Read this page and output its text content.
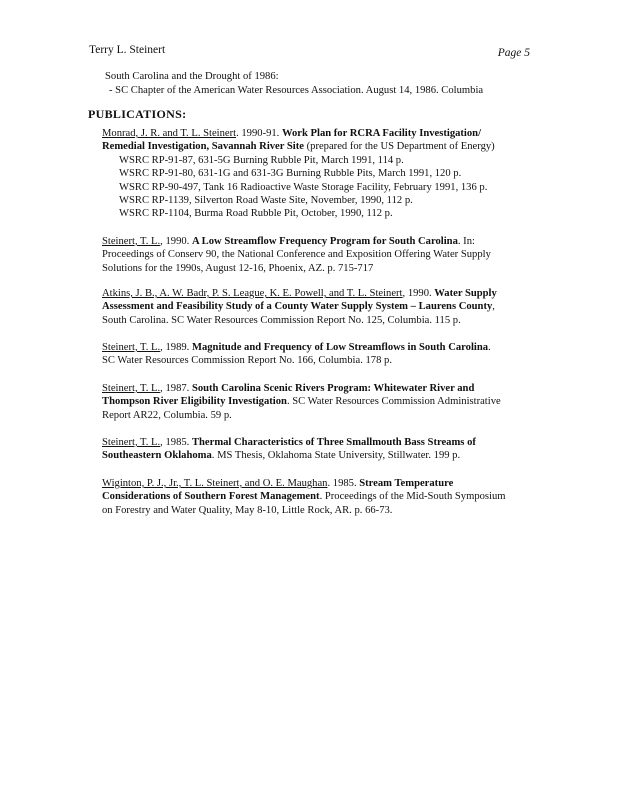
Terry L. Steinert	Page 5
South Carolina and the Drought of 1986:
- SC Chapter of the American Water Resources Association. August 14, 1986. Columbia
PUBLICATIONS:

Monrad, J. R. and T. L. Steinert. 1990-91. Work Plan for RCRA Facility Investigation/

Remedial Investigation, Savannah River Site (prepared for the US Department of Energy)

WSRC RP-91-87, 631-5G Burning Rubble Pit, March 1991, 114 p.

WSRC RP-91-80, 631-1G and 631-3G Burning Rubble Pits, March 1991, 120 p.

WSRC RP-90-497, Tank 16 Radioactive Waste Storage Facility, February 1991, 136 p.

WSRC RP-1139, Silverton Road Waste Site, November, 1990, 112 p.

WSRC RP-1104, Burma Road Rubble Pit, October, 1990, 112 p.

Steinert, T. L., 1990. A Low Streamflow Frequency Program for South Carolina. In:

Proceedings of Conserv 90, the National Conference and Exposition Offering Water Supply

Solutions for the 1990s, August 12-16, Phoenix, AZ. p. 715-717

Atkins, J. B., A. W. Badr, P. S. League, K. E. Powell, and T. L. Steinert, 1990. Water Supply

Assessment and Feasibility Study of a County Water Supply System – Laurens County,

South Carolina. SC Water Resources Commission Report No. 125, Columbia. 115 p.

Steinert, T. L., 1989. Magnitude and Frequency of Low Streamflows in South Carolina.

SC Water Resources Commission Report No. 166, Columbia. 178 p.

Steinert, T. L., 1987. South Carolina Scenic Rivers Program: Whitewater River and

Thompson River Eligibility Investigation. SC Water Resources Commission Administrative

Report AR22, Columbia. 59 p.

Steinert, T. L., 1985. Thermal Characteristics of Three Smallmouth Bass Streams of

Southeastern Oklahoma. MS Thesis, Oklahoma State University, Stillwater. 199 p.

Wiginton, P. J., Jr., T. L. Steinert, and O. E. Maughan. 1985. Stream Temperature

Considerations of Southern Forest Management. Proceedings of the Mid-South Symposium

on Forestry and Water Quality, May 8-10, Little Rock, AR. p. 66-73.
